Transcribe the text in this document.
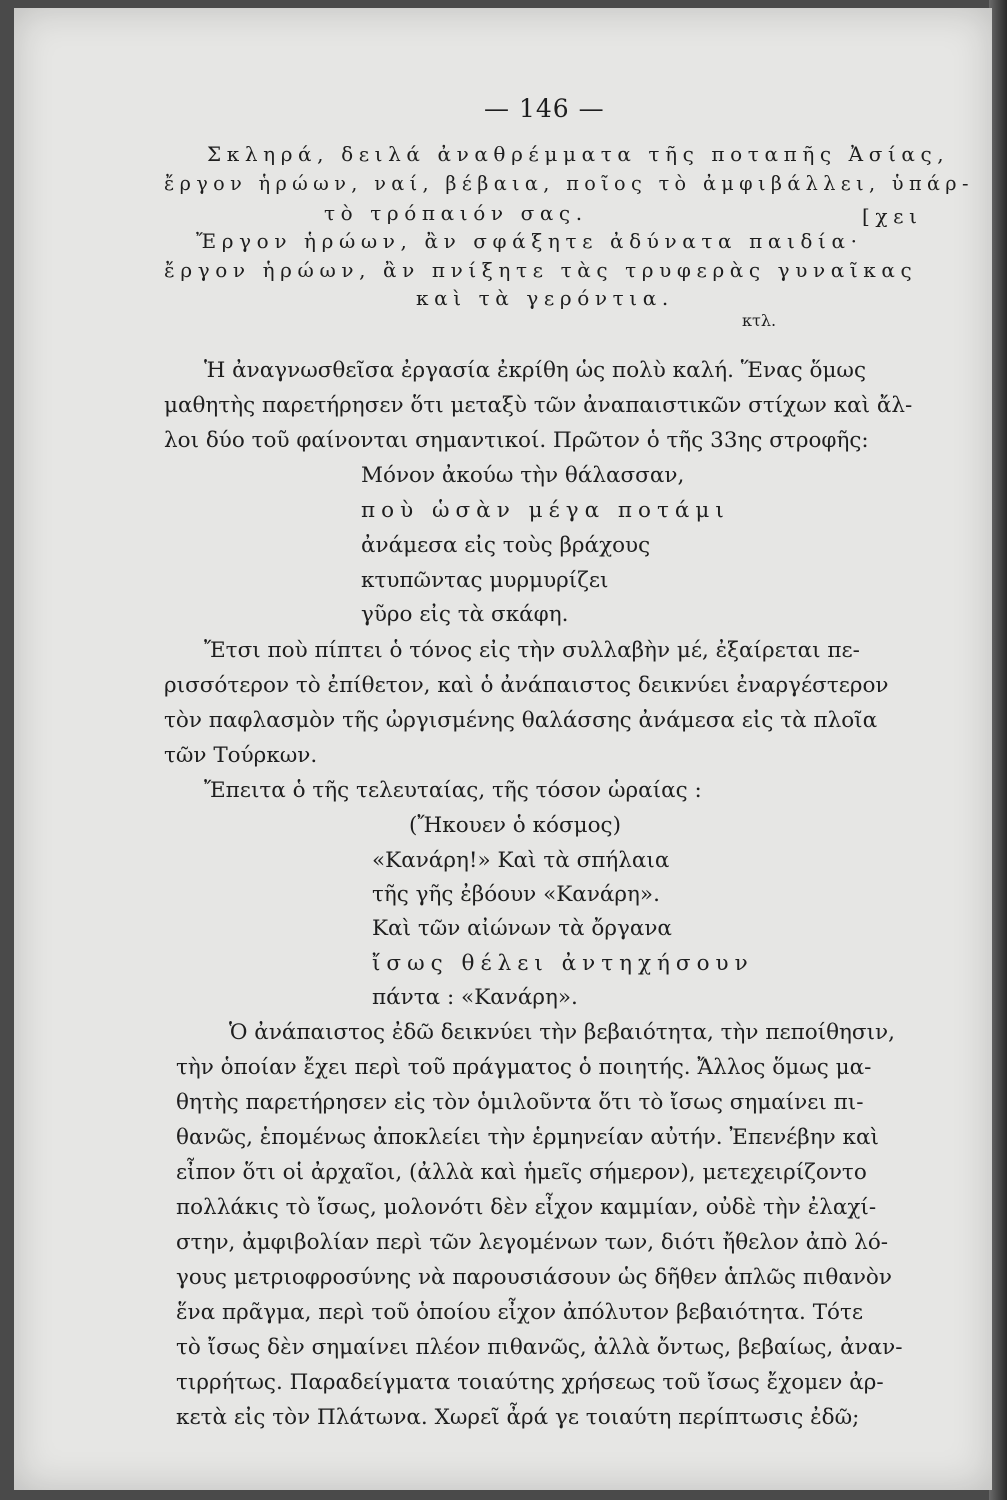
— 146 —
Σκληρά, δειλά ἀναθρέμματα τῆς ποταπῆς Ἀσίας,
ἔργον ἡρώων, ναί, βέβαια, ποῖος τὸ ἀμφιβάλλει, ὑπάρ-
τὸ τρόπαιόν σας.	[χει
Ἔργον ἡρώων, ἂν σφάξητε ἀδύνατα παιδία·
ἔργον ἡρώων, ἂν πνίξητε τὰς τρυφερὰς γυναῖκας
καὶ τὰ γερόντια.
κτλ.
Ἡ ἀναγνωσθεῖσα ἐργασία ἐκρίθη ὡς πολὺ καλή. Ἕνας ὅμως
μαθητὴς παρετήρησεν ὅτι μεταξὺ τῶν ἀναπαιστικῶν στίχων καὶ ἄλ-
λοι δύο τοῦ φαίνονται σημαντικοί. Πρῶτον ὁ τῆς 33ης στροφῆς:
Μόνον ἀκούω τὴν θάλασσαν,
ποὺ ὡσὰν μέγα ποτάμι
ἀνάμεσα εἰς τοὺς βράχους
κτυπῶντας μυρμυρίζει
γῦρο εἰς τὰ σκάφη.
Ἔτσι ποὺ πίπτει ὁ τόνος εἰς τὴν συλλαβὴν μέ, ἐξαίρεται πε-
ρισσότερον τὸ ἐπίθετον, καὶ ὁ ἀνάπαιστος δεικνύει ἐναργέστερον
τὸν παφλασμὸν τῆς ὠργισμένης θαλάσσης ἀνάμεσα εἰς τὰ πλοῖα
τῶν Τούρκων.
Ἔπειτα ὁ τῆς τελευταίας, τῆς τόσον ὡραίας :
(Ἤκουεν ὁ κόσμος)
«Κανάρη!» Καὶ τὰ σπήλαια
τῆς γῆς ἐβόουν «Κανάρη».
Καὶ τῶν αἰώνων τὰ ὄργανα
ἴσως θέλει ἀντηχήσουν
πάντα : «Κανάρη».
Ὁ ἀνάπαιστος ἐδῶ δεικνύει τὴν βεβαιότητα, τὴν πεποίθησιν,
τὴν ὁποίαν ἔχει περὶ τοῦ πράγματος ὁ ποιητής. Ἄλλος ὅμως μα-
θητὴς παρετήρησεν εἰς τὸν ὁμιλοῦντα ὅτι τὸ ἴσως σημαίνει πι-
θανῶς, ἑπομένως ἀποκλείει τὴν ἑρμηνείαν αὐτήν. Ἐπενέβην καὶ
εἶπον ὅτι οἱ ἀρχαῖοι, (ἀλλὰ καὶ ἡμεῖς σήμερον), μετεχειρίζοντο
πολλάκις τὸ ἴσως, μολονότι δὲν εἶχον καμμίαν, οὐδὲ τὴν ἐλαχί-
στην, ἀμφιβολίαν περὶ τῶν λεγομένων των, διότι ἤθελον ἀπὸ λό-
γους μετριοφροσύνης νὰ παρουσιάσουν ὡς δῆθεν ἁπλῶς πιθανὸν
ἕνα πρᾶγμα, περὶ τοῦ ὁποίου εἶχον ἀπόλυτον βεβαιότητα. Τότε
τὸ ἴσως δὲν σημαίνει πλέον πιθανῶς, ἀλλὰ ὄντως, βεβαίως, ἀναν-
τιρρήτως. Παραδείγματα τοιαύτης χρήσεως τοῦ ἴσως ἔχομεν ἀρ-
κετὰ εἰς τὸν Πλάτωνα. Χωρεῖ ἆρά γε τοιαύτη περίπτωσις ἐδῶ;
